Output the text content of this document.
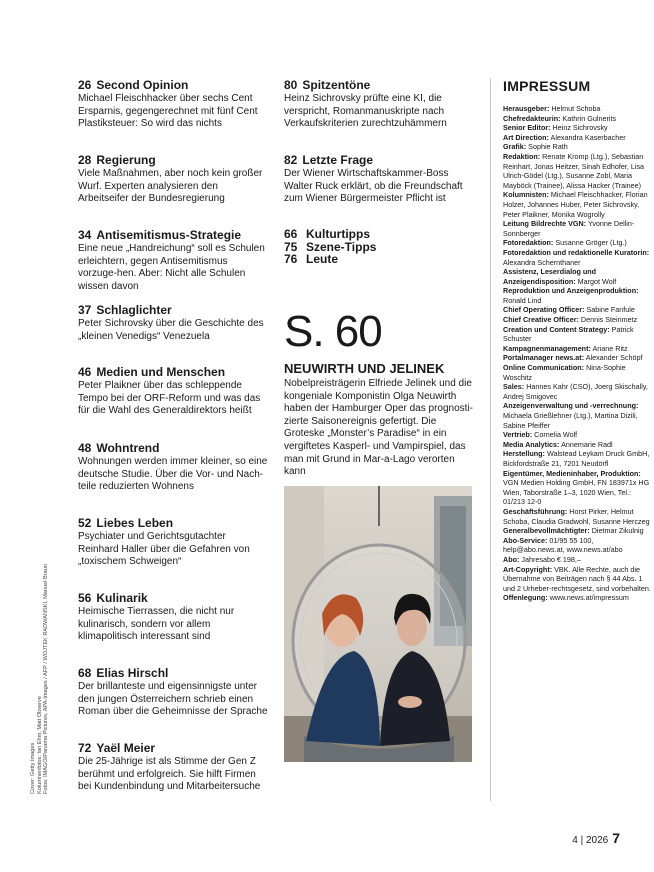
26 Second Opinion
Michael Fleischhacker über sechs Cent Ersparnis, gegengerechnet mit fünf Cent Plastiksteuer: So wird das nichts
28 Regierung
Viele Maßnahmen, aber noch kein großer Wurf. Experten analysieren den Arbeitseifer der Bundesregierung
34 Antisemitismus-Strategie
Eine neue „Handreichung“ soll es Schulen erleichtern, gegen Antisemitismus vorzuge-hen. Aber: Nicht alle Schulen wissen davon
37 Schlaglichter
Peter Sichrovsky über die Geschichte des „kleinen Venedigs“ Venezuela
46 Medien und Menschen
Peter Plaikner über das schleppende Tempo bei der ORF-Reform und was das für die Wahl des Generaldirektors heißt
48 Wohntrend
Wohnungen werden immer kleiner, so eine deutsche Studie. Über die Vor- und Nach-teile reduzierten Wohnens
52 Liebes Leben
Psychiater und Gerichtsgutachter Reinhard Haller über die Gefahren von „toxischem Schweigen“
56 Kulinarik
Heimische Tierrassen, die nicht nur kulinarisch, sondern vor allem klimapolitisch interessant sind
68 Elias Hirschl
Der brillanteste und eigensinnigste unter den jungen Österreichern schrieb einen Roman über die Geheimnisse der Sprache
72 Yaël Meier
Die 25-Jährige ist als Stimme der Gen Z berühmt und erfolgreich. Sie hilft Firmen bei Kundenbindung und Mitarbeitersuche
80 Spitzentöne
Heinz Sichrovsky prüfte eine KI, die verspricht, Romanmanuskripte nach Verkaufskriterien zurechtzuhämmern
82 Letzte Frage
Der Wiener Wirtschaftskammer-Boss Walter Ruck erklärt, ob die Freundschaft zum Wiener Bürgermeister Pflicht ist
66 Kulturtipps
75 Szene-Tipps
76 Leute
S. 60
NEUWIRTH UND JELINEK
Nobelpreisträgerin Elfriede Jelinek und die kongeniale Komponistin Olga Neuwirth haben der Hamburger Oper das prognosti-zierte Saisonereignis gefertigt. Die Groteske „Monster’s Paradise“ in ein vergiftetes Kasperl- und Vampirspiel, das man mit Grund in Mar-a-Lago verorten kann
IMPRESSUM
Herausgeber: Helmut Schoba
Chefredakteurin: Kathrin Gulnerits
Senior Editor: Heinz Sichrovsky
Art Direction: Alexandra Kaserbacher
Grafik: Sophie Rath
Redaktion: Renate Kromp (Ltg.), Sebastian Reinhart, Jonas Heitzer, Sinah Edhofer, Lisa Ulrich-Gödel (Ltg.), Susanne Zobl, Maria Mayböck (Trainee), Alissa Hacker (Trainee)
Kolumnisten: Michael Fleischhacker, Florian Holzer, Johannes Huber, Peter Sichrovsky, Peter Plaikner, Monika Wogrolly
Leitung Bildrechte VGN: Yvonne Dellin-Sonnberger
Fotoredaktion: Susanne Gröger (Ltg.)
Fotoredaktion und redaktionelle Kuratorin: Alexandra Schernthaner
Assistenz, Leserdialog und Anzeigendisposition: Margot Wolf
Reproduktion und Anzeigenproduktion: Ronald Lind
Chief Operating Officer: Sabine Fanfule
Chief Creative Officer: Dennis Steinmetz
Creation und Content Strategy: Patrick Schuster
Kampagnenmanagement: Ariane Ritz
Portalmanager news.at: Alexander Schöpf
Online Communication: Nina-Sophie Woschitz
Sales: Hannes Kahr (CSO), Joerg Skischally, Andrej Smigovec
Anzeigenverwaltung und -verrechnung: Michaela Grießlehner (Ltg.), Martina Dizili, Sabine Pfeiffer
Vertrieb: Cornelia Wolf
Media Analytics: Annemarie Radl
Herstellung: Walstead Leykam Druck GmbH, Bickfordstraße 21, 7201 Neudörfl
Eigentümer, Medieninhaber, Produktion: VGN Medien Holding GmbH, FN 183971x HG Wien, Taborstraße 1–3, 1020 Wien, Tel.: 01/213 12-0
Geschäftsführung: Horst Pirker, Helmut Schoba, Claudia Gradwohl, Susanne Herczeg
Generalbevollmächtigter: Dietmar Zikulnig
Abo-Service: 01/95 55 100, help@abo.news.at, www.news.at/abo
Abo: Jahresabo € 198,–
Art-Copyright: VBK. Alle Rechte, auch die Übernahme von Beiträgen nach § 44 Abs. 1 und 2 Urheber-rechtsgesetz, sind vorbehalten.
Offenlegung: www.news.at/impressum
Cover: Getty Images Kolumnenfotos: Ian Ehm, Matt Observe Fotos: IMAGO/Panama Pictures, APA-Images / AFP / WOJTEK RADWANSKI, Manuel Braun
4 | 2026 7
